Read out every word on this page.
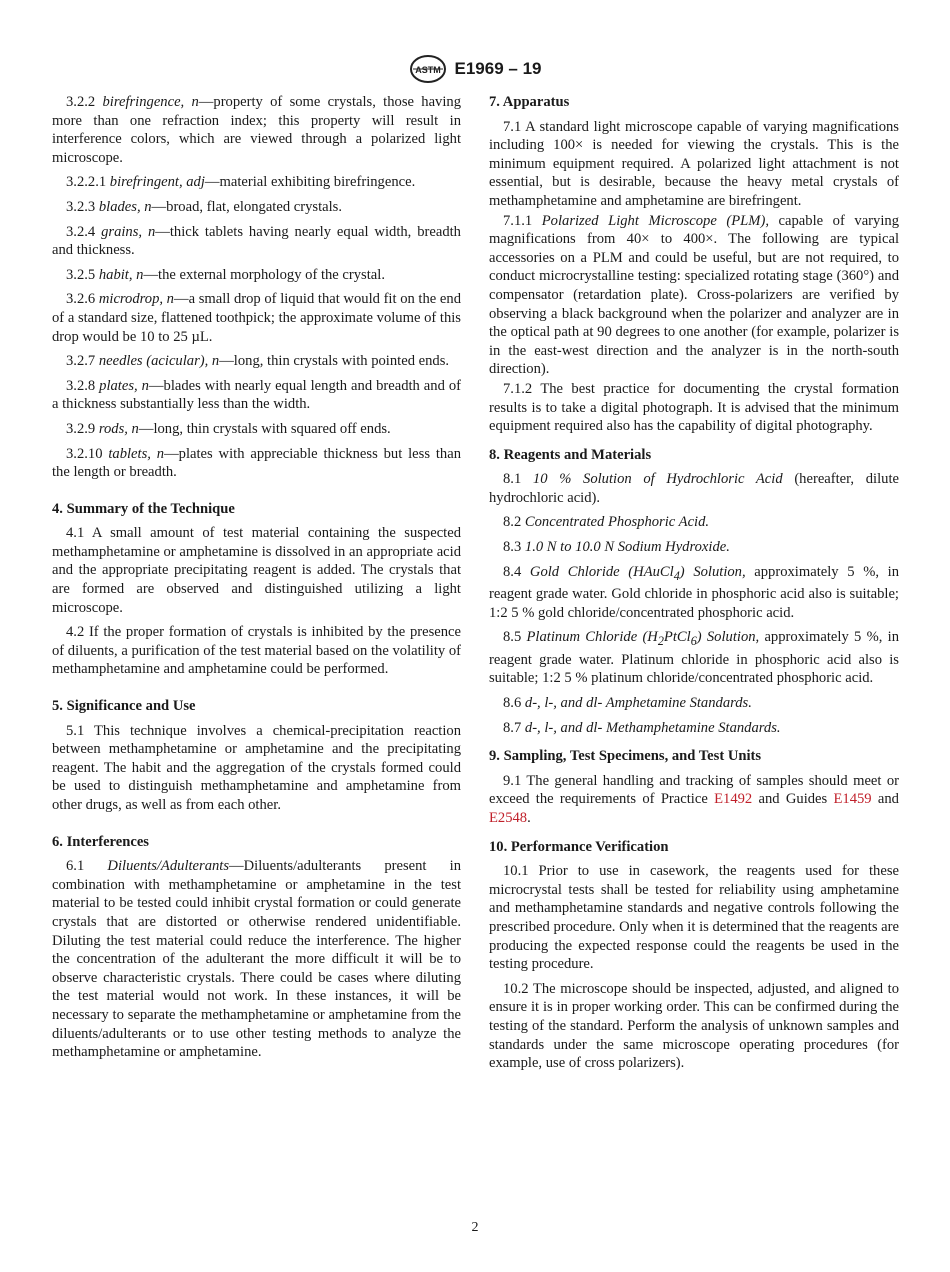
ASTM E1969 – 19

3.2.2 birefringence, n—property of some crystals, those having more than one refraction index; this property will result in interference colors, which are viewed through a polarized light microscope.

3.2.2.1 birefringent, adj—material exhibiting birefringence.

3.2.3 blades, n—broad, flat, elongated crystals.

3.2.4 grains, n—thick tablets having nearly equal width, breadth and thickness.

3.2.5 habit, n—the external morphology of the crystal.

3.2.6 microdrop, n—a small drop of liquid that would fit on the end of a standard size, flattened toothpick; the approximate volume of this drop would be 10 to 25 µL.

3.2.7 needles (acicular), n—long, thin crystals with pointed ends.

3.2.8 plates, n—blades with nearly equal length and breadth and of a thickness substantially less than the width.

3.2.9 rods, n—long, thin crystals with squared off ends.

3.2.10 tablets, n—plates with appreciable thickness but less than the length or breadth.

4. Summary of the Technique

4.1 A small amount of test material containing the suspected methamphetamine or amphetamine is dissolved in an appropriate acid and the appropriate precipitating reagent is added. The crystals that are formed are observed and distinguished utilizing a light microscope.

4.2 If the proper formation of crystals is inhibited by the presence of diluents, a purification of the test material based on the volatility of methamphetamine and amphetamine could be performed.

5. Significance and Use

5.1 This technique involves a chemical-precipitation reaction between methamphetamine or amphetamine and the precipitating reagent. The habit and the aggregation of the crystals formed could be used to distinguish methamphetamine and amphetamine from other drugs, as well as from each other.

6. Interferences

6.1 Diluents/Adulterants—Diluents/adulterants present in combination with methamphetamine or amphetamine in the test material to be tested could inhibit crystal formation or could generate crystals that are distorted or otherwise rendered unidentifiable. Diluting the test material could reduce the interference. The higher the concentration of the adulterant the more difficult it will be to observe characteristic crystals. There could be cases where diluting the test material would not work. In these instances, it will be necessary to separate the methamphetamine or amphetamine from the diluents/adulterants or to use other testing methods to analyze the methamphetamine or amphetamine.

7. Apparatus

7.1 A standard light microscope capable of varying magnifications including 100× is needed for viewing the crystals. This is the minimum equipment required. A polarized light attachment is not essential, but is desirable, because the heavy metal crystals of methamphetamine and amphetamine are birefringent.

7.1.1 Polarized Light Microscope (PLM), capable of varying magnifications from 40× to 400×. The following are typical accessories on a PLM and could be useful, but are not required, to conduct microcrystalline testing: specialized rotating stage (360°) and compensator (retardation plate). Cross-polarizers are verified by observing a black background when the polarizer and analyzer are in the optical path at 90 degrees to one another (for example, polarizer is in the east-west direction and the analyzer is in the north-south direction).

7.1.2 The best practice for documenting the crystal formation results is to take a digital photograph. It is advised that the minimum equipment required also has the capability of digital photography.

8. Reagents and Materials

8.1 10 % Solution of Hydrochloric Acid (hereafter, dilute hydrochloric acid).

8.2 Concentrated Phosphoric Acid.

8.3 1.0 N to 10.0 N Sodium Hydroxide.

8.4 Gold Chloride (HAuCl$_4$) Solution, approximately 5 %, in reagent grade water. Gold chloride in phosphoric acid also is suitable; 1:2 5 % gold chloride/concentrated phosphoric acid.

8.5 Platinum Chloride $(H_2PtCl_6)$ Solution, approximately 5 %, in reagent grade water. Platinum chloride in phosphoric acid also is suitable; 1:2 5 % platinum chloride/concentrated phosphoric acid.

8.6 d-, l-, and dl- Amphetamine Standards.

8.7 d-, l-, and dl- Methamphetamine Standards.

9. Sampling, Test Specimens, and Test Units

9.1 The general handling and tracking of samples should meet or exceed the requirements of Practice E1492 and Guides E1459 and E2548.

10. Performance Verification

10.1 Prior to use in casework, the reagents used for these microcrystal tests shall be tested for reliability using amphetamine and methamphetamine standards and negative controls following the prescribed procedure. Only when it is determined that the reagents are producing the expected response could the reagents be used in the testing procedure.

10.2 The microscope should be inspected, adjusted, and aligned to ensure it is in proper working order. This can be confirmed during the testing of the standard. Perform the analysis of unknown samples and standards under the same microscope operating procedures (for example, use of cross polarizers).

2
